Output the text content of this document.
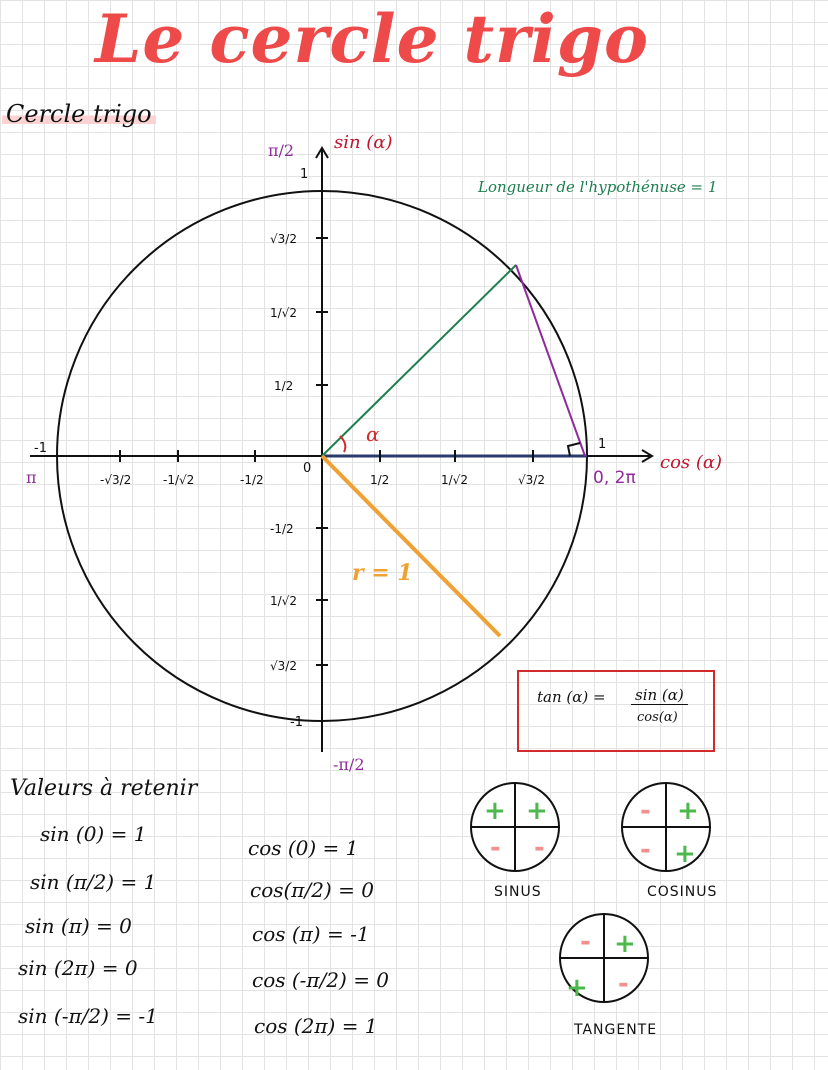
Le cercle trigo
Cercle trigo
sin (α)
cos (α)
Longueur de l'hypothénuse = 1
α
r = 1
0
π/2
1
-1
-π/2
-1
π
1
0, 2π
-√3/2	-1/√2	-1/2	1/2	1/√2	√3/2
√3/2
1/√2
1/2
-1/2
1/√2
√3/2
+ +
- -
- +
- +
- +
+ -
tan (α) = sin (α)
cos(α)
SINUS	COSINUS
TANGENTE
Valeurs à retenir
sin (0) = 1
sin (π/2) = 1
sin (π) = 0
sin (2π) = 0
sin (-π/2) = -1
cos (0) = 1
cos(π/2) = 0
cos (π) = -1
cos (-π/2) = 0
cos (2π) = 1
